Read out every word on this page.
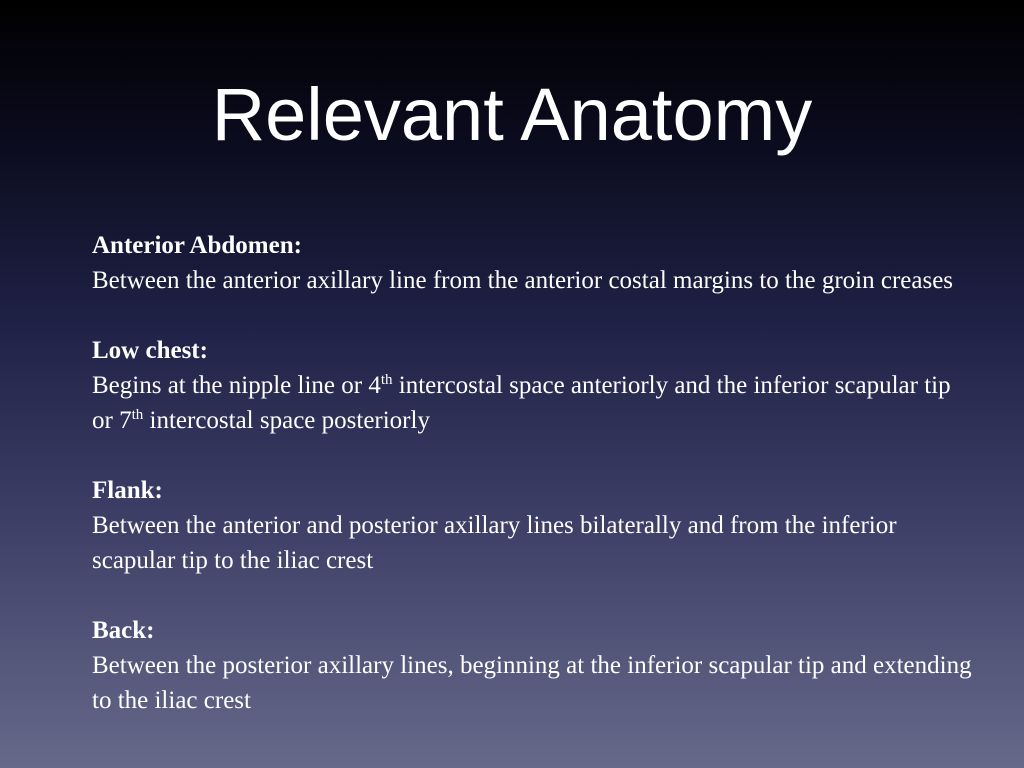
Relevant Anatomy
Anterior Abdomen:
Between the anterior axillary line from the anterior costal margins to the groin creases
Low chest:
Begins at the nipple line or 4th intercostal space anteriorly and the inferior scapular tip or 7th intercostal space posteriorly
Flank:
Between the anterior and posterior axillary lines bilaterally and from the inferior scapular tip to the iliac crest
Back:
Between the posterior axillary lines, beginning at the inferior scapular tip and extending to the iliac crest
